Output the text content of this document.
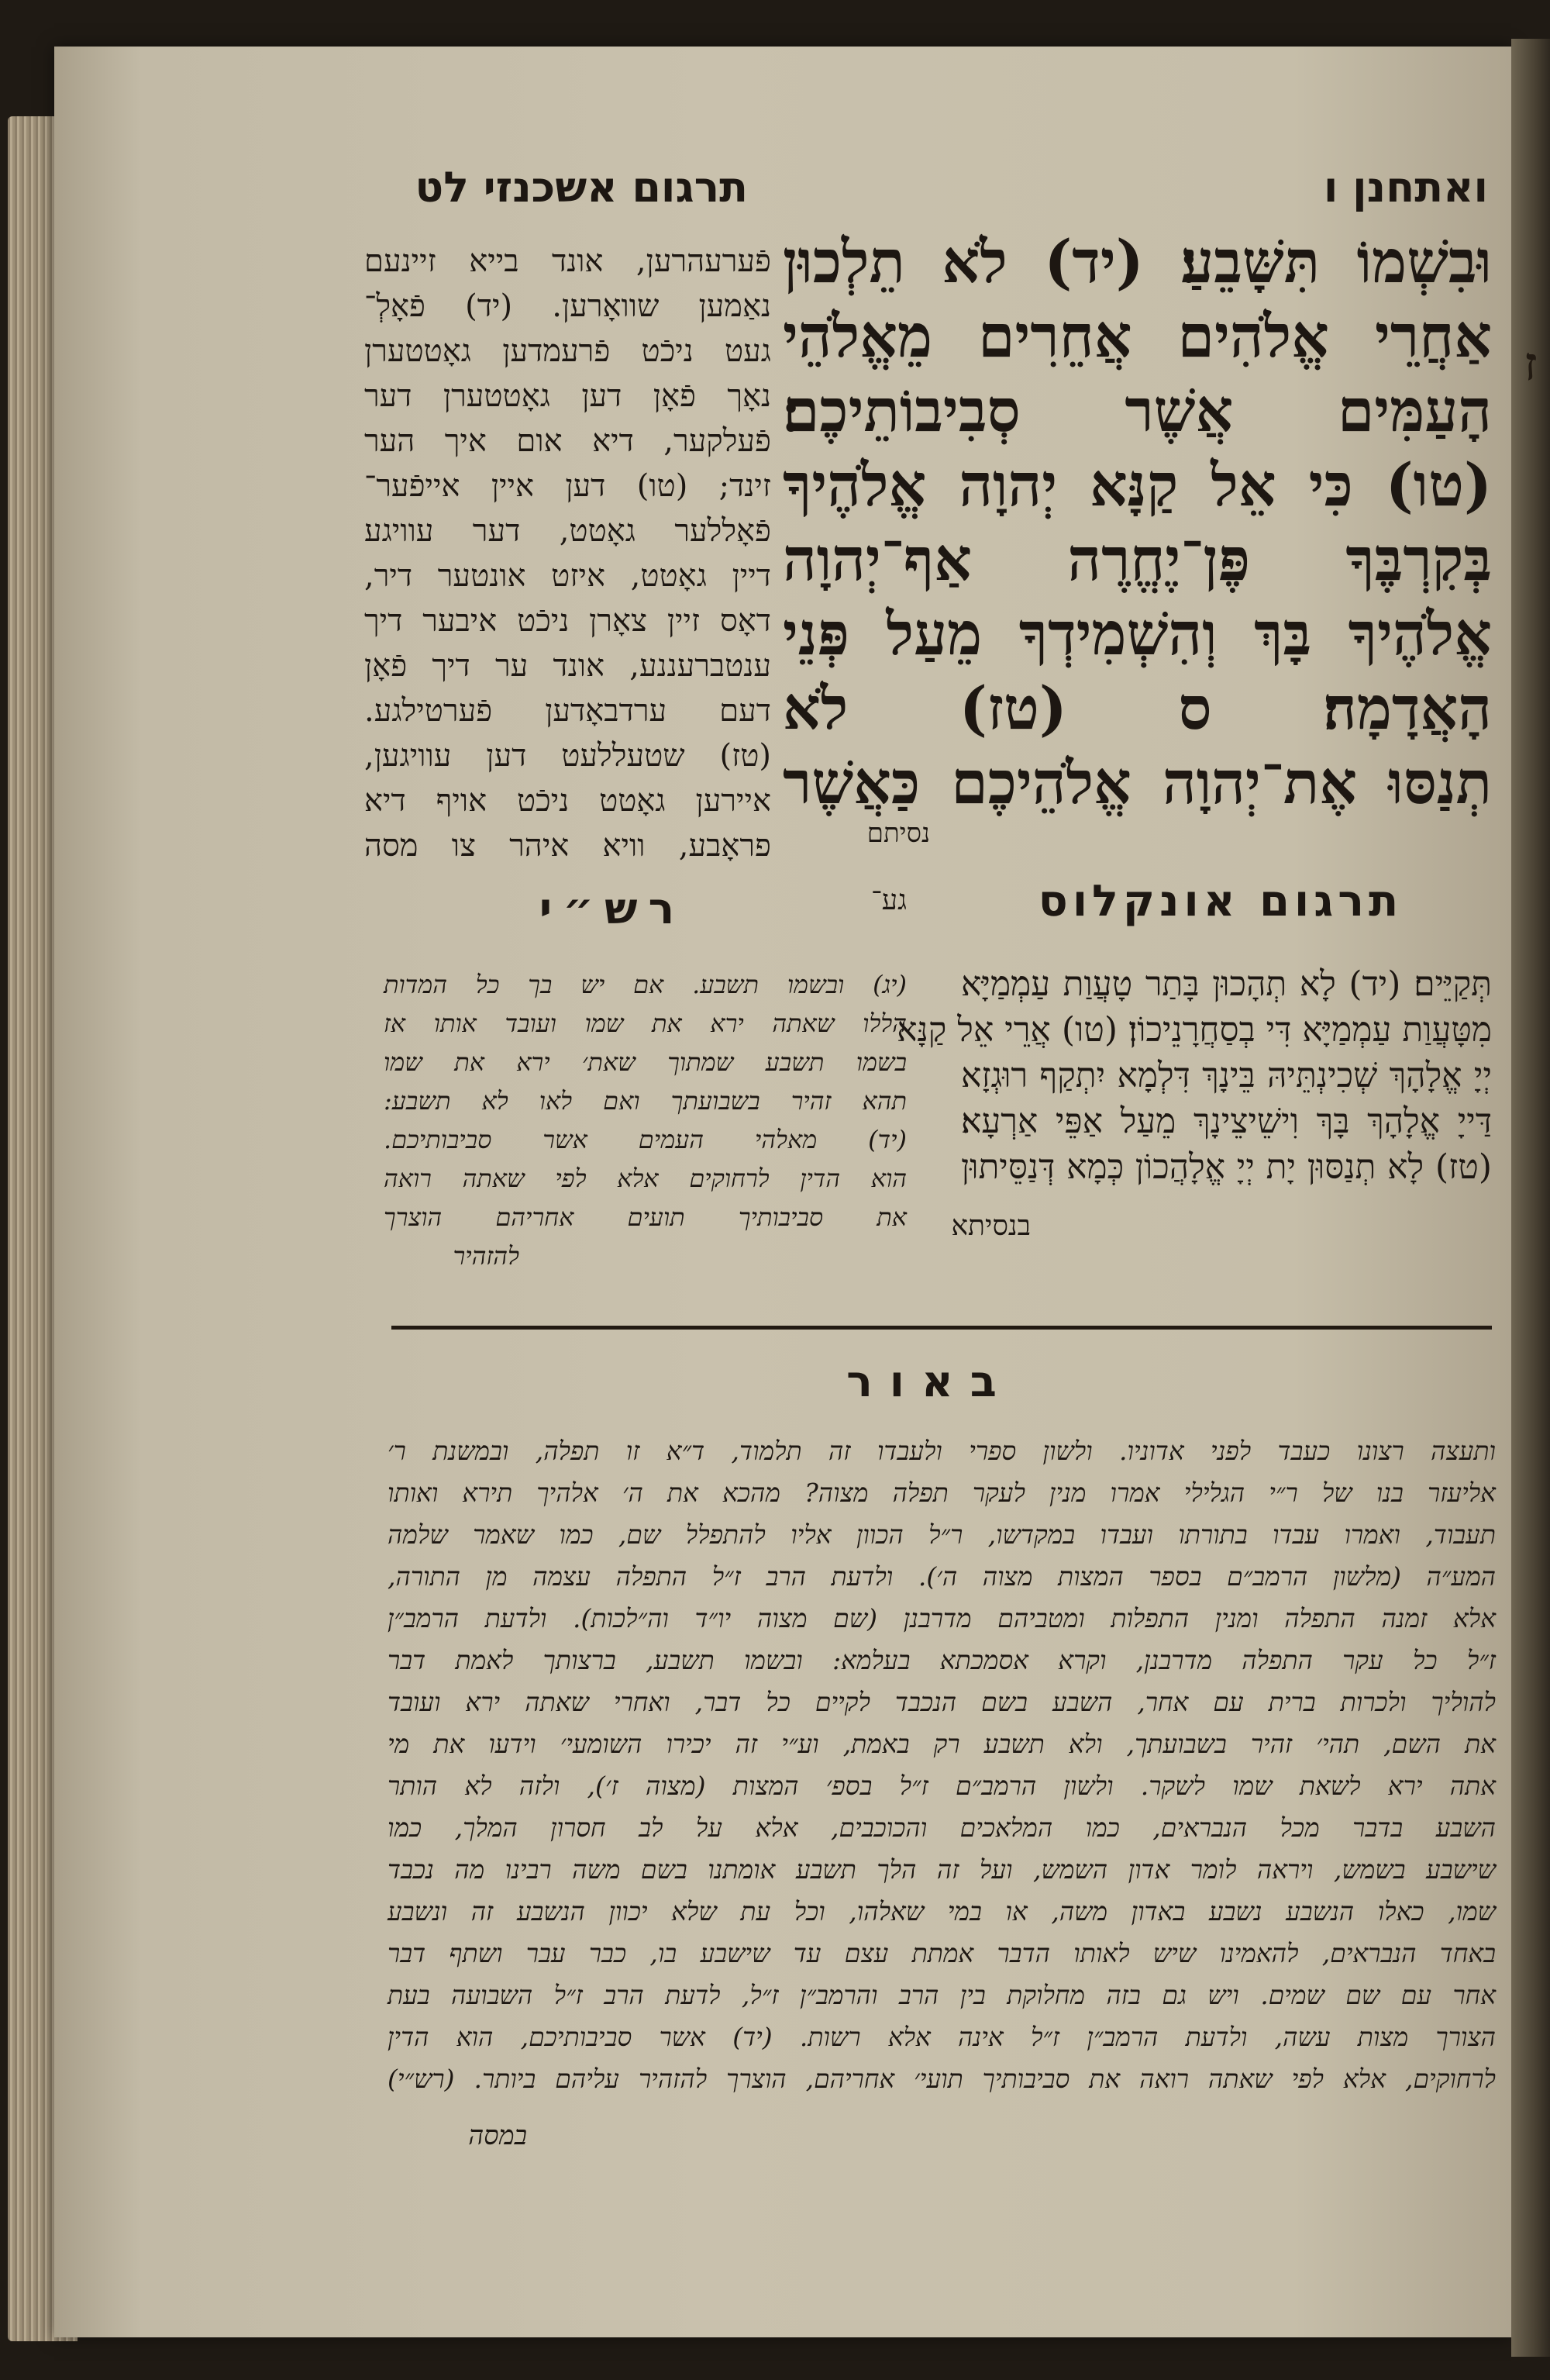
ז
תרגום אשכנזי לט	ואתחנן ו
פֿערעהרען, אונד בייא זיינעם
נאַמען שוואָרען. (יד) פֿאָלְ־
געט ניכֿט פֿרעמדען גאָטטערן
נאָך פֿאָן דען גאָטטערן דער
פֿעלקער, דיא אום איך הער
זינד; (טו) דען איין אייפֿער־
פֿאָללער גאָטט, דער עוויגע
דיין גאָטט, איזט אונטער דיר,
דאָס זיין צאָרן ניכֿט איבער דיך
ענטברעננע, אונד ער דיך פֿאָן
דעם ערדבאָדען פֿערטילגע.
(טז) שטעללעט דען עוויגען,
איירען גאָטט ניכֿט אויף דיא
פראָבע, וויא איהר צו מסה
גע־
וּבִשְׁמוֹ תִּשָּׁבֵעַ׃ (יד) לֹא תֵלְכוּן
אַחֲרֵי אֱלֹהִים אֲחֵרִים מֵאֱלֹהֵי
הָעַמִּים אֲשֶׁר סְבִיבוֹתֵיכֶם׃
(טו) כִּי אֵל קַנָּא יְהוָה אֱלֹהֶיךָ
בְּקִרְבֶּךָ פֶּן־יֶחֱרֶה אַף־יְהוָה
אֱלֹהֶיךָ בָּךְ וְהִשְׁמִידְךָ מֵעַל פְּנֵי
הָאֲדָמָה׃ ס (טז) לֹא
תְנַסּוּ אֶת־יְהוָה אֱלֹהֵיכֶם כַּאֲשֶׁר
נסיתם
רש״י
(יג) ובשמו תשבע. אם יש בך כל המדות
הללו שאתה ירא את שמו ועובד אותו אז
בשמו תשבע שמתוך שאת׳ ירא את שמו
תהא זהיר בשבועתך ואם לאו לא תשבע:
(יד) מאלהי העמים אשר סביבותיכם.
הוא הדין לרחוקים אלא לפי שאתה רואה
את סביבותיך תועים אחריהם הוצרך
להזהיר
תרגום אונקלוס
תְּקַיֵּים׃ (יד) לָא תְהָכוּן בָּתַר טָעֲוַת עַמְמַיָּא
מִטָּעֲוַת עַמְמַיָּא דִּי בְסַחֲרָנֵיכוֹן׃ (טו) אֲרֵי אֵל קַנָּא
יְיָ אֱלָהָךְ שְׁכִינְתֵּיהּ בֵּינָךְ דִּלְמָא יִתְקַף רוּגְזָא
דַּייָ אֱלָהָךְ בָּךְ וִישֵׁיצֵינָךְ מֵעַל אַפֵּי אַרְעָא׃
(טז) לָא תְנַסּוּן יָת יְיָ אֱלָהֲכוֹן כְּמָא דְּנַסֵּיתוּן
בנסיתא
באור
ותעצה רצונו כעבד לפני אדוניו. ולשון ספרי ולעבדו זה תלמוד, ד״א זו תפלה, ובמשנת ר׳
אליעזר בנו של ר״י הגלילי אמרו מנין לעקר תפלה מצוה? מהכא את ה׳ אלהיך תירא ואותו
תעבוד, ואמרו עבדו בתורתו ועבדו במקדשו, ר״ל הכוון אליו להתפלל שם, כמו שאמר שלמה
המע״ה (מלשון הרמב״ם בספר המצות מצוה ה׳). ולדעת הרב ז״ל התפלה עצמה מן התורה,
אלא זמנה התפלה ומנין התפלות ומטביהם מדרבנן (שם מצוה יו״ד וה״לכות). ולדעת הרמב״ן
ז״ל כל עקר התפלה מדרבנן, וקרא אסמכתא בעלמא: ובשמו תשבע, ברצותך לאמת דבר
להוליך ולכרות ברית עם אחר, השבע בשם הנכבד לקיים כל דבר, ואחרי שאתה ירא ועובד
את השם, תהי׳ זהיר בשבועתך, ולא תשבע רק באמת, וע״י זה יכירו השומעי׳ וידעו את מי
אתה ירא לשאת שמו לשקר. ולשון הרמב״ם ז״ל בספ׳ המצות (מצוה ז׳), ולזה לא הותר
השבע בדבר מכל הנבראים, כמו המלאכים והכוכבים, אלא על לב חסרון המלך, כמו
שישבע בשמש, ויראה לומר אדון השמש, ועל זה הלך תשבע אומתנו בשם משה רבינו מה נכבד
שמו, כאלו הנשבע נשבע באדון משה, או במי שאלהו, וכל עת שלא יכוון הנשבע זה ונשבע
באחד הנבראים, להאמינו שיש לאותו הדבר אמתת עצם עד שישבע בו, כבר עבר ושתף דבר
אחר עם שם שמים. ויש גם בזה מחלוקת בין הרב והרמב״ן ז״ל, לדעת הרב ז״ל השבועה בעת
הצורך מצות עשה, ולדעת הרמב״ן ז״ל אינה אלא רשות. (יד) אשר סביבותיכם, הוא הדין
לרחוקים, אלא לפי שאתה רואה את סביבותיך תועי׳ אחריהם, הוצרך להזהיר עליהם ביותר. (רש״י)
במסה
